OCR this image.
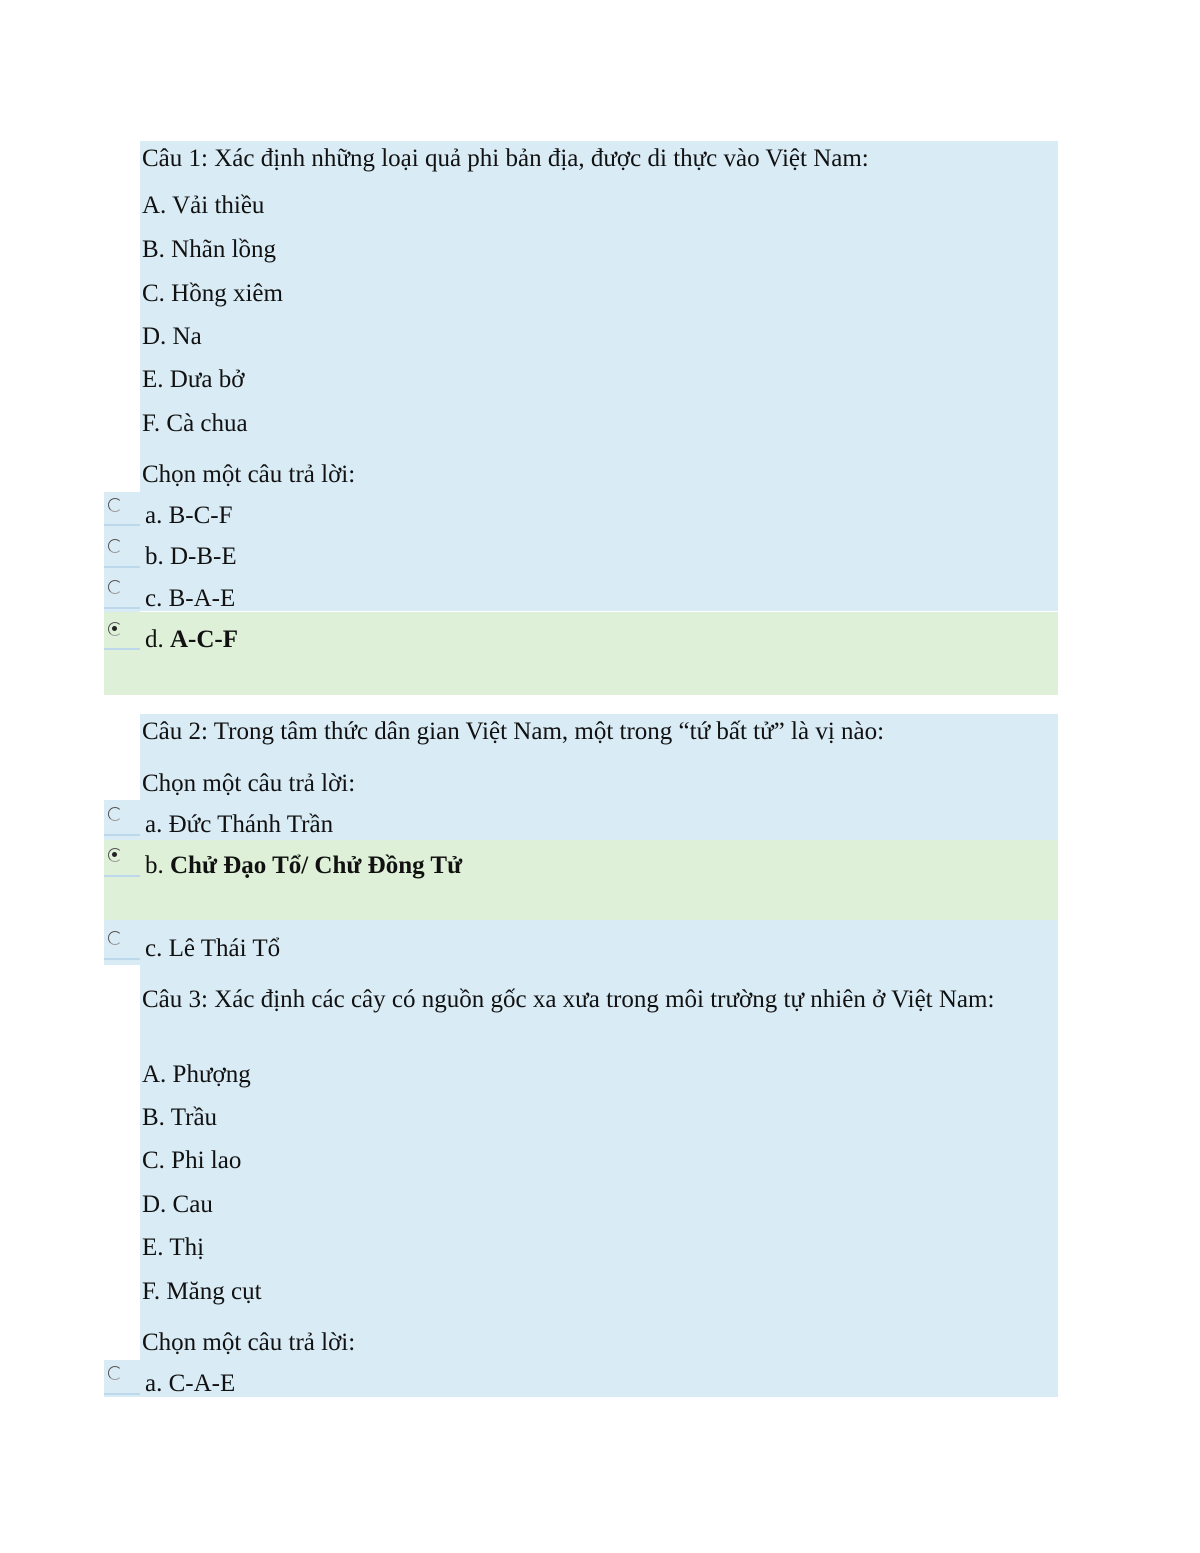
Câu 1: Xác định những loại quả phi bản địa, được di thực vào Việt Nam:
A. Vải thiều
B. Nhãn lồng
C. Hồng xiêm
D. Na
E. Dưa bở
F. Cà chua
Chọn một câu trả lời:
a. B-C-F
b. D-B-E
c. B-A-E
d. A-C-F
Câu 2: Trong tâm thức dân gian Việt Nam, một trong “tứ bất tử” là vị nào:
Chọn một câu trả lời:
a. Đức Thánh Trần
b. Chử Đạo Tổ/ Chử Đồng Tử
c. Lê Thái Tổ
Câu 3: Xác định các cây có nguồn gốc xa xưa trong môi trường tự nhiên ở Việt Nam:
A. Phượng
B. Trầu
C. Phi lao
D. Cau
E. Thị
F. Măng cụt
Chọn một câu trả lời:
a. C-A-E
